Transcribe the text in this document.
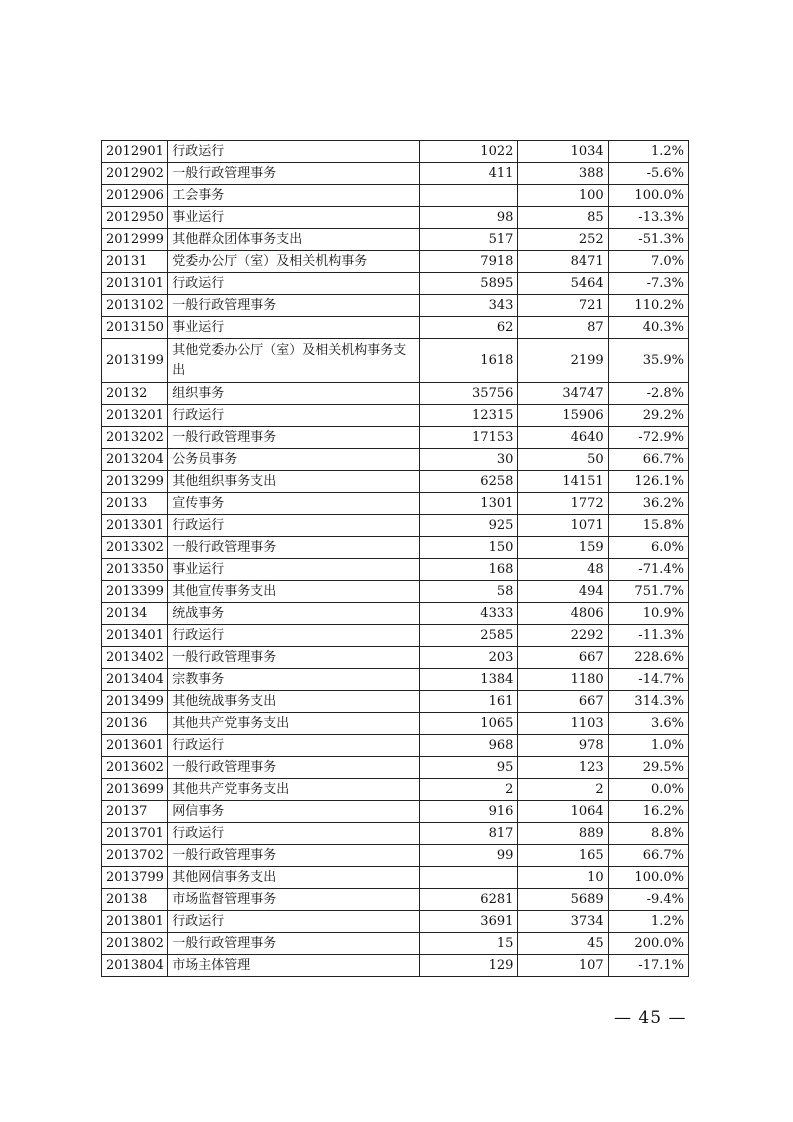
2012901	行政运行	1022	1034	1.2%
2012902	一般行政管理事务	411	388	-5.6%
2012906	工会事务		100	100.0%
2012950	事业运行	98	85	-13.3%
2012999	其他群众团体事务支出	517	252	-51.3%
20131	党委办公厅（室）及相关机构事务	7918	8471	7.0%
2013101	行政运行	5895	5464	-7.3%
2013102	一般行政管理事务	343	721	110.2%
2013150	事业运行	62	87	40.3%
2013199	其他党委办公厅（室）及相关机构事务支出	1618	2199	35.9%
20132	组织事务	35756	34747	-2.8%
2013201	行政运行	12315	15906	29.2%
2013202	一般行政管理事务	17153	4640	-72.9%
2013204	公务员事务	30	50	66.7%
2013299	其他组织事务支出	6258	14151	126.1%
20133	宣传事务	1301	1772	36.2%
2013301	行政运行	925	1071	15.8%
2013302	一般行政管理事务	150	159	6.0%
2013350	事业运行	168	48	-71.4%
2013399	其他宣传事务支出	58	494	751.7%
20134	统战事务	4333	4806	10.9%
2013401	行政运行	2585	2292	-11.3%
2013402	一般行政管理事务	203	667	228.6%
2013404	宗教事务	1384	1180	-14.7%
2013499	其他统战事务支出	161	667	314.3%
20136	其他共产党事务支出	1065	1103	3.6%
2013601	行政运行	968	978	1.0%
2013602	一般行政管理事务	95	123	29.5%
2013699	其他共产党事务支出	2	2	0.0%
20137	网信事务	916	1064	16.2%
2013701	行政运行	817	889	8.8%
2013702	一般行政管理事务	99	165	66.7%
2013799	其他网信事务支出		10	100.0%
20138	市场监督管理事务	6281	5689	-9.4%
2013801	行政运行	3691	3734	1.2%
2013802	一般行政管理事务	15	45	200.0%
2013804	市场主体管理	129	107	-17.1%
— 45 —
